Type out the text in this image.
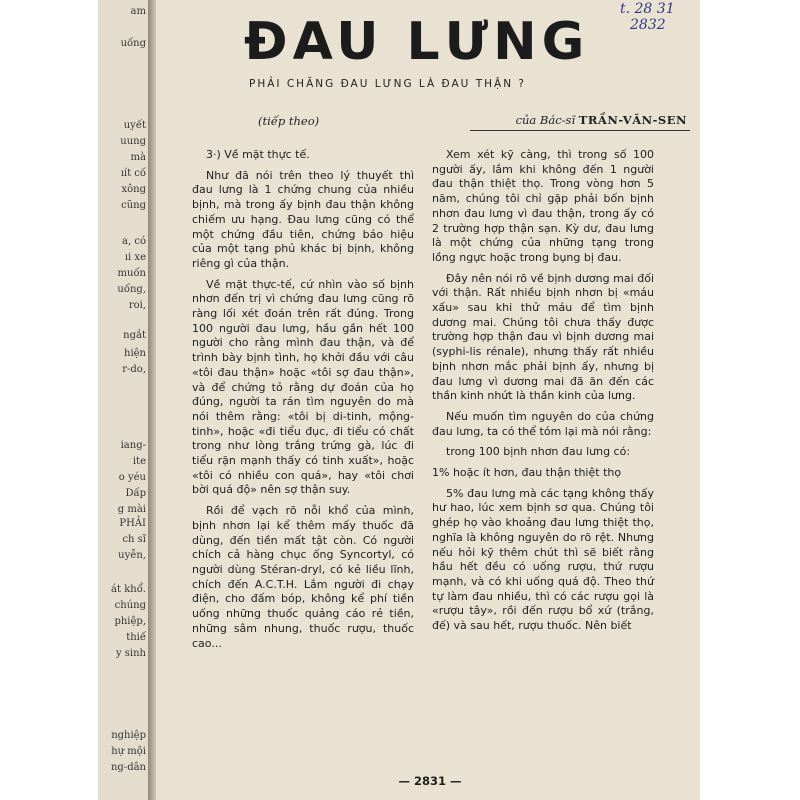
am
uống
uyết
uung
mà
ıít cố
xông
cũng
a, có
ıi xe
muốn
uống,
roi,
ngắt
hiện
r-do,
iang-
ite
o yéu
Dấp
g mài
PHẢI
ch sĩ
uyễn,
át khổ.
chúng
phiệp,
thiế
y sinh
nghiệp
hự mội
ng-dân
ĐAU LƯNG
t. 28 31
2832
PHẢI CHĂNG ĐAU LƯNG LÀ ĐAU THẬN ?
(tiếp theo)	của Bác-sĩ TRẦN-VĂN-SEN

3·) Về mặt thực tế.

Như đã nói trên theo lý thuyết thì đau lưng là 1 chứng chung của nhiều bịnh, mà trong ấy bịnh đau thận không chiếm ưu hạng. Đau lưng cũng có thể một chứng đầu tiên, chứng báo hiệu của một tạng phủ khác bị bịnh, không riêng gì của thận.

Về mặt thực-tế, cứ nhìn vào số bịnh nhơn đến trị vì chứng đau lưng cũng rõ ràng lối xét đoán trên rất đúng. Trong 100 người đau lưng, hầu gần hết 100 người cho rằng mình đau thận, và để trình bày bịnh tình, họ khởi đầu với câu «tôi đau thận» hoặc «tôi sợ đau thận», và để chứng tỏ rằng dự đoán của họ đúng, người ta rán tìm nguyên do mà nói thêm rằng: «tôi bị di-tinh, mộng-tinh», hoặc «đi tiểu đục, đi tiểu có chất trong như lòng trắng trứng gà, lúc đi tiểu rặn mạnh thấy có tinh xuất», hoặc «tôi có nhiều con quá», hay «tôi chơi bời quá độ» nên sợ thận suy.

Rồi để vạch rõ nỗi khổ của mình, bịnh nhơn lại kể thêm mấy thuốc đã dùng, đến tiền mất tật còn. Có người chích cả hàng chục ống Syncortyl, có người dùng Stéran-dryl, có kẻ liều lĩnh, chích đến A.C.T.H. Lắm người đi chạy điện, cho đấm bóp, không kể phí tiền uống những thuốc quảng cáo rẻ tiền, những sâm nhung, thuốc rượu, thuốc cao...

Xem xét kỹ càng, thì trong số 100 người ấy, lắm khi không đến 1 người đau thận thiệt thọ. Trong vòng hơn 5 năm, chúng tôi chỉ gặp phải bốn bịnh nhơn đau lưng vì đau thận, trong ấy có 2 trường hợp thận sạn. Kỳ dư, đau lưng là một chứng của những tạng trong lồng ngực hoặc trong bụng bị đau.

Đây nên nói rõ về bịnh dương mai đối với thận. Rất nhiều bịnh nhơn bị «máu xấu» sau khi thử máu để tìm bịnh dương mai. Chúng tôi chưa thấy được trường hợp thận đau vì bịnh dương mai (syphi-lis rénale), nhưng thấy rất nhiều bịnh nhơn mắc phải bịnh ấy, nhưng bị đau lưng vì dương mai đã ăn đến các thần kinh nhứt là thần kinh của lưng.

Nếu muốn tìm nguyên do của chứng đau lưng, ta có thể tóm lại mà nói rằng:

trong 100 bịnh nhơn đau lưng có:

1% hoặc ít hơn, đau thận thiệt thọ

5% đau lưng mà các tạng không thấy hư hao, lúc xem bịnh sơ qua. Chúng tôi ghép họ vào khoảng đau lưng thiệt thọ, nghĩa là không nguyên do rõ rệt. Nhưng nếu hỏi kỹ thêm chút thì sẽ biết rằng hầu hết đều có uống rượu, thứ rượu mạnh, và có khi uống quá độ. Theo thứ tự làm đau nhiều, thì có các rượu gọi là «rượu tây», rồi đến rượu bổ xứ (trắng, đế) và sau hết, rượu thuốc. Nên biết

— 2831 —
